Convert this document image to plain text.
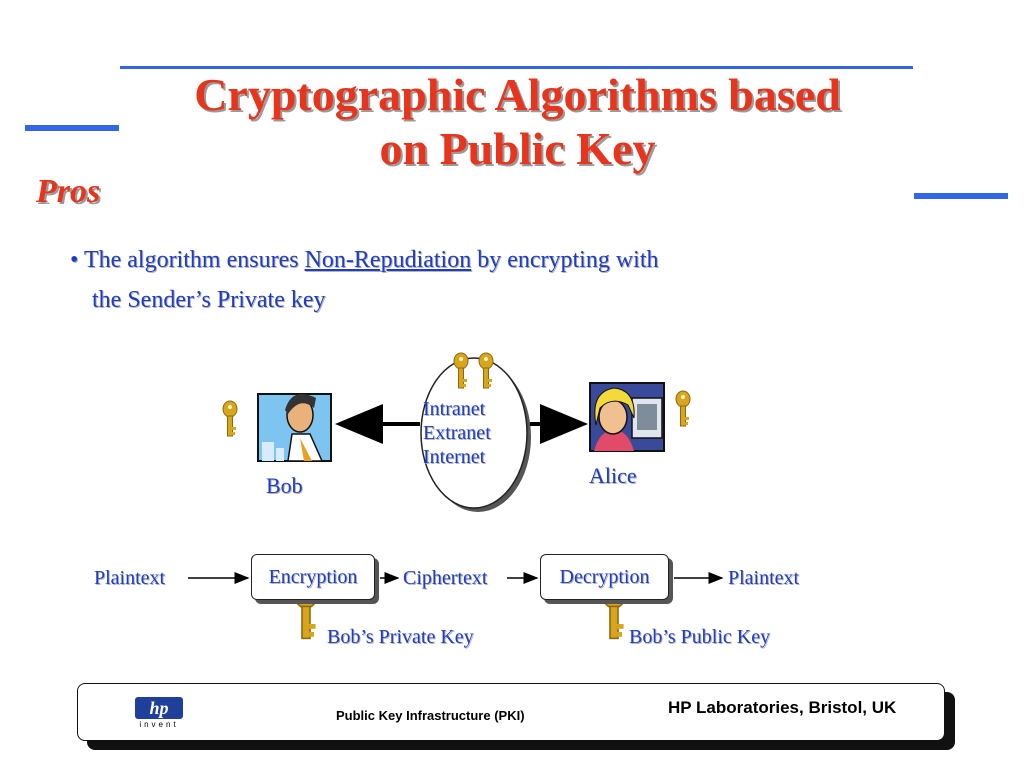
Cryptographic Algorithms based
on Public Key
Pros
• The algorithm ensures Non-Repudiation by encrypting with
the Sender’s Private key
Intranet
Extranet
Internet
Bob	Alice
Plaintext	Encryption Ciphertext	Decryption	Plaintext
Bob’s Private Key	Bob’s Public Key
hp
invent
Public Key Infrastructure (PKI)	HP Laboratories, Bristol, UK
